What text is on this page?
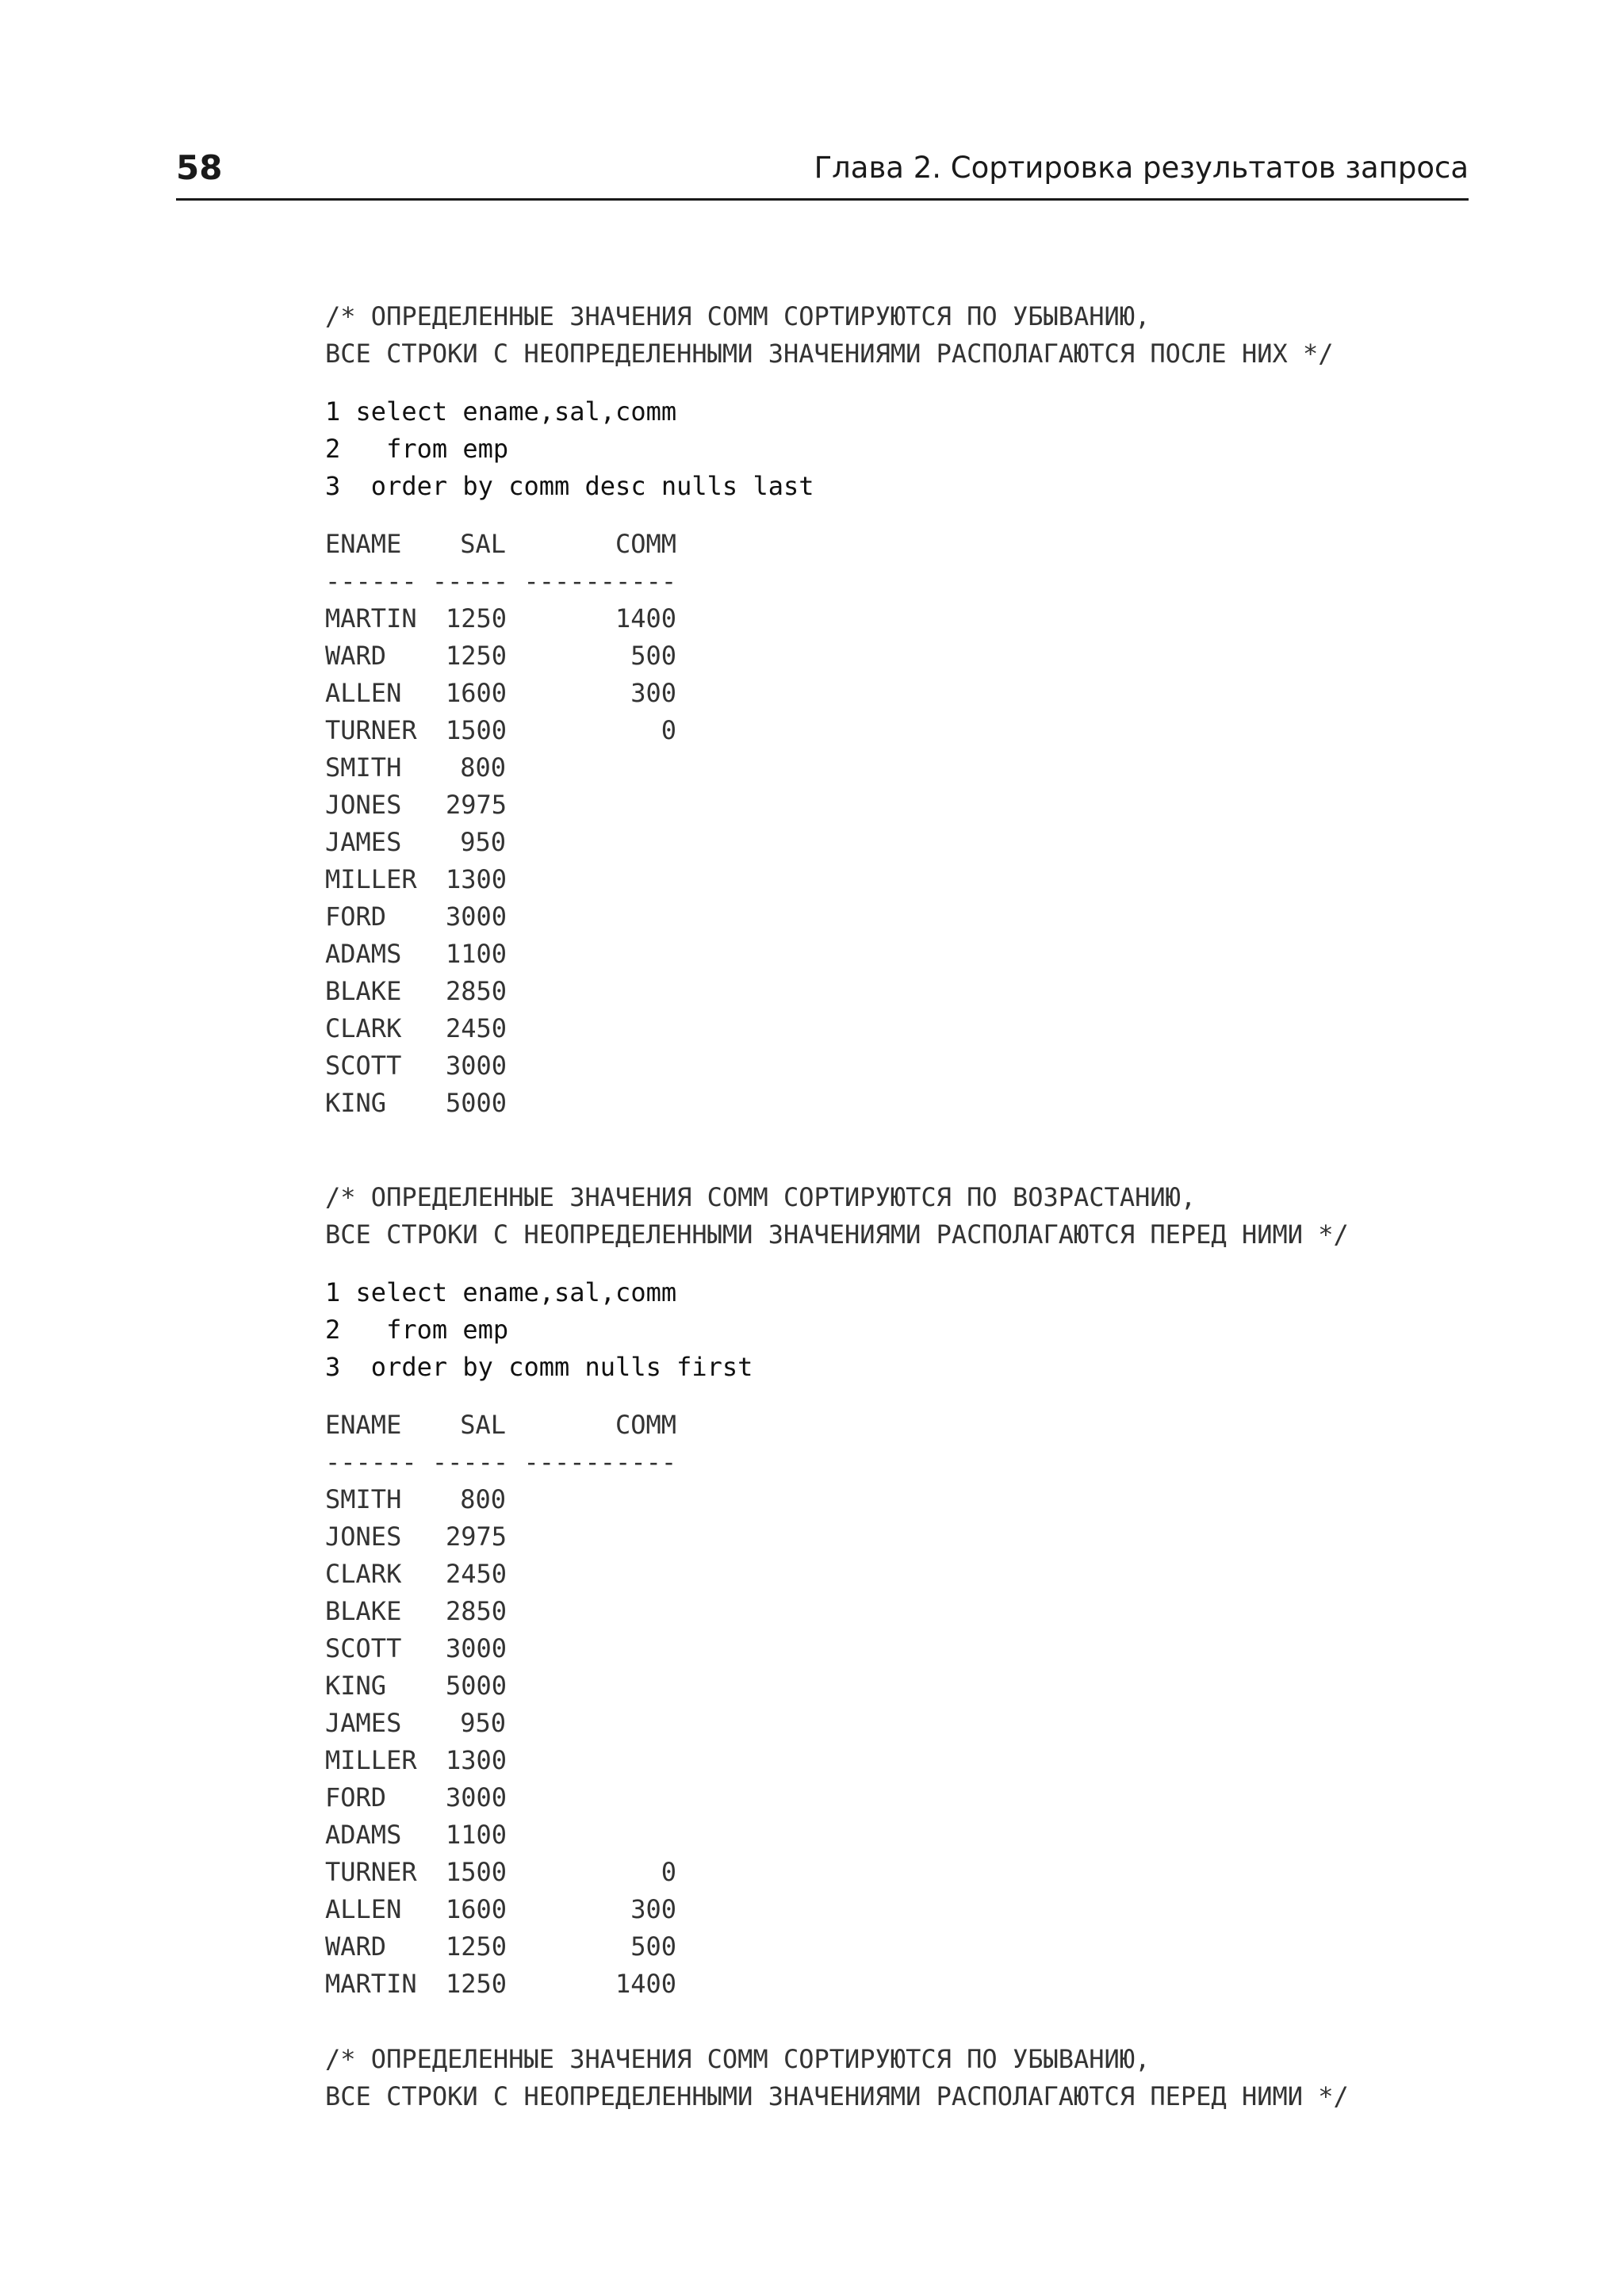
58	Глава 2. Сортировка результатов запроса
/* ОПРЕДЕЛЕННЫЕ ЗНАЧЕНИЯ COMM СОРТИРУЮТСЯ ПО УБЫВАНИЮ,
ВСЕ СТРОКИ С НЕОПРЕДЕЛЕННЫМИ ЗНАЧЕНИЯМИ РАСПОЛАГАЮТСЯ ПОСЛЕ НИХ */
1 select ename,sal,comm
2   from emp
3  order by comm desc nulls last
ENAME SAL	COMM
------ ----- ----------
MARTIN 1250	1400
WARD 1250	500
ALLEN 1600	300
TURNER 1500	0
SMITH 800
JONES 2975
JAMES 950
MILLER 1300
FORD 3000
ADAMS 1100
BLAKE 2850
CLARK 2450
SCOTT 3000
KING 5000
/* ОПРЕДЕЛЕННЫЕ ЗНАЧЕНИЯ COMM СОРТИРУЮТСЯ ПО ВОЗРАСТАНИЮ,
ВСЕ СТРОКИ С НЕОПРЕДЕЛЕННЫМИ ЗНАЧЕНИЯМИ РАСПОЛАГАЮТСЯ ПЕРЕД НИМИ */
1 select ename,sal,comm
2   from emp
3  order by comm nulls first
ENAME SAL	COMM
------ ----- ----------
SMITH 800
JONES 2975
CLARK 2450
BLAKE 2850
SCOTT 3000
KING 5000
JAMES 950
MILLER 1300
FORD 3000
ADAMS 1100
TURNER 1500	0
ALLEN 1600	300
WARD 1250	500
MARTIN 1250	1400
/* ОПРЕДЕЛЕННЫЕ ЗНАЧЕНИЯ COMM СОРТИРУЮТСЯ ПО УБЫВАНИЮ,
ВСЕ СТРОКИ С НЕОПРЕДЕЛЕННЫМИ ЗНАЧЕНИЯМИ РАСПОЛАГАЮТСЯ ПЕРЕД НИМИ */
